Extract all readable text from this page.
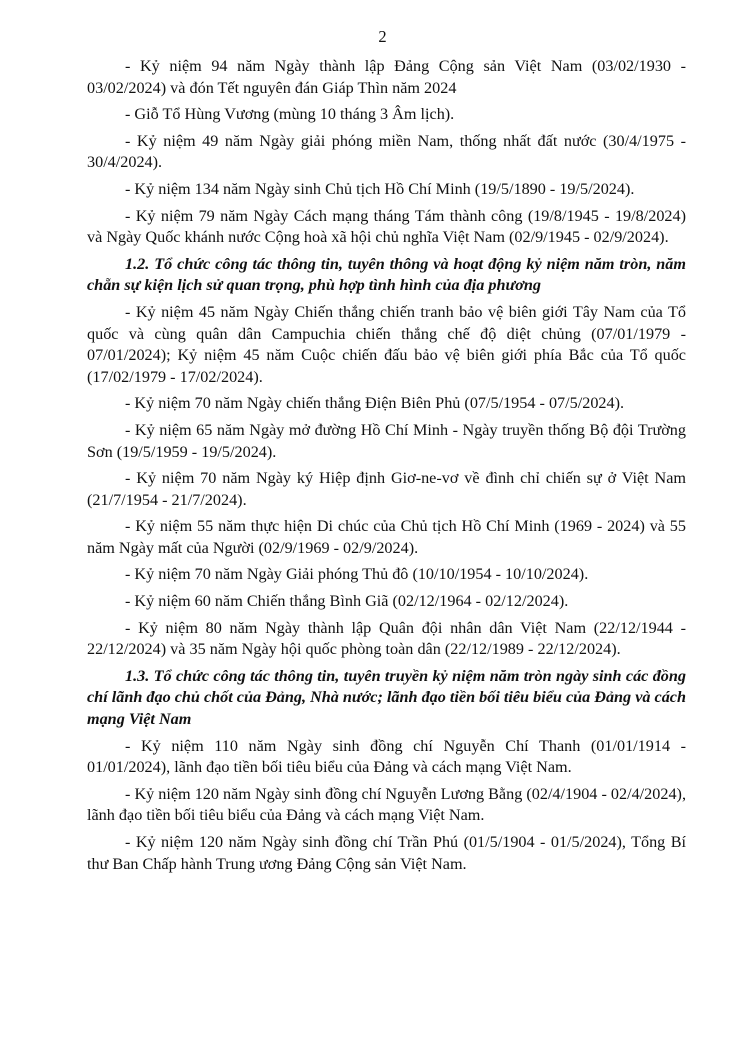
2

- Kỷ niệm 94 năm Ngày thành lập Đảng Cộng sản Việt Nam (03/02/1930 - 03/02/2024) và đón Tết nguyên đán Giáp Thìn năm 2024

- Giỗ Tổ Hùng Vương (mùng 10 tháng 3 Âm lịch).

- Kỷ niệm 49 năm Ngày giải phóng miền Nam, thống nhất đất nước (30/4/1975 - 30/4/2024).

- Kỷ niệm 134 năm Ngày sinh Chủ tịch Hồ Chí Minh (19/5/1890 - 19/5/2024).

- Kỷ niệm 79 năm Ngày Cách mạng tháng Tám thành công (19/8/1945 - 19/8/2024) và Ngày Quốc khánh nước Cộng hoà xã hội chủ nghĩa Việt Nam (02/9/1945 - 02/9/2024).

1.2. Tổ chức công tác thông tin, tuyên thông và hoạt động kỷ niệm năm tròn, năm chẵn sự kiện lịch sử quan trọng, phù hợp tình hình của địa phương

- Kỷ niệm 45 năm Ngày Chiến thắng chiến tranh bảo vệ biên giới Tây Nam của Tổ quốc và cùng quân dân Campuchia chiến thắng chế độ diệt chủng (07/01/1979 - 07/01/2024); Kỷ niệm 45 năm Cuộc chiến đấu bảo vệ biên giới phía Bắc của Tổ quốc (17/02/1979 - 17/02/2024).

- Kỷ niệm 70 năm Ngày chiến thắng Điện Biên Phủ (07/5/1954 - 07/5/2024).

- Kỷ niệm 65 năm Ngày mở đường Hồ Chí Minh - Ngày truyền thống Bộ đội Trường Sơn (19/5/1959 - 19/5/2024).

- Kỷ niệm 70 năm Ngày ký Hiệp định Giơ-ne-vơ về đình chỉ chiến sự ở Việt Nam (21/7/1954 - 21/7/2024).

- Kỷ niệm 55 năm thực hiện Di chúc của Chủ tịch Hồ Chí Minh (1969 - 2024) và 55 năm Ngày mất của Người (02/9/1969 - 02/9/2024).

- Kỷ niệm 70 năm Ngày Giải phóng Thủ đô (10/10/1954 - 10/10/2024).

- Kỷ niệm 60 năm Chiến thắng Bình Giã (02/12/1964 - 02/12/2024).

- Kỷ niệm 80 năm Ngày thành lập Quân đội nhân dân Việt Nam (22/12/1944 - 22/12/2024) và 35 năm Ngày hội quốc phòng toàn dân (22/12/1989 - 22/12/2024).

1.3. Tổ chức công tác thông tin, tuyên truyền kỷ niệm năm tròn ngày sinh các đồng chí lãnh đạo chủ chốt của Đảng, Nhà nước; lãnh đạo tiền bối tiêu biểu của Đảng và cách mạng Việt Nam

- Kỷ niệm 110 năm Ngày sinh đồng chí Nguyễn Chí Thanh (01/01/1914 - 01/01/2024), lãnh đạo tiền bối tiêu biểu của Đảng và cách mạng Việt Nam.

- Kỷ niệm 120 năm Ngày sinh đồng chí Nguyễn Lương Bằng (02/4/1904 - 02/4/2024), lãnh đạo tiền bối tiêu biểu của Đảng và cách mạng Việt Nam.

- Kỷ niệm 120 năm Ngày sinh đồng chí Trần Phú (01/5/1904 - 01/5/2024), Tổng Bí thư Ban Chấp hành Trung ương Đảng Cộng sản Việt Nam.
